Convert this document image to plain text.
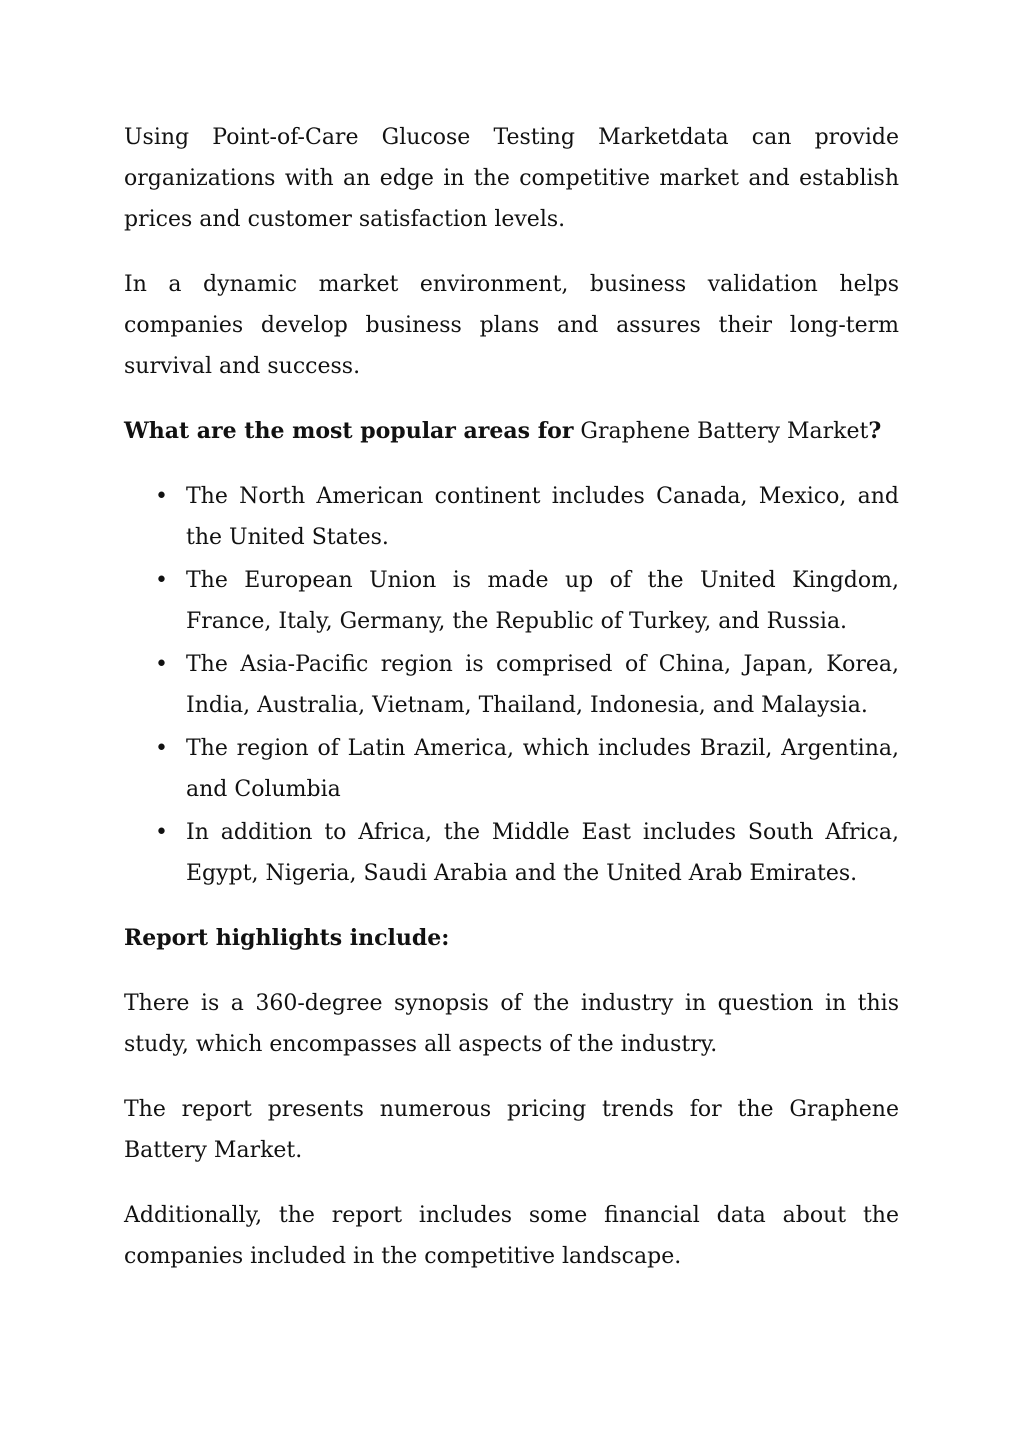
Using Point-of-Care Glucose Testing Marketdata can provide organizations with an edge in the competitive market and establish prices and customer satisfaction levels.

In a dynamic market environment, business validation helps companies develop business plans and assures their long-term survival and success.

What are the most popular areas for Graphene Battery Market?
• The North American continent includes Canada, Mexico, and the United States.
• The European Union is made up of the United Kingdom, France, Italy, Germany, the Republic of Turkey, and Russia.
• The Asia-Pacific region is comprised of China, Japan, Korea, India, Australia, Vietnam, Thailand, Indonesia, and Malaysia.
• The region of Latin America, which includes Brazil, Argentina, and Columbia
• In addition to Africa, the Middle East includes South Africa, Egypt, Nigeria, Saudi Arabia and the United Arab Emirates.
Report highlights include:

There is a 360-degree synopsis of the industry in question in this study, which encompasses all aspects of the industry.

The report presents numerous pricing trends for the Graphene Battery Market.

Additionally, the report includes some financial data about the companies included in the competitive landscape.
